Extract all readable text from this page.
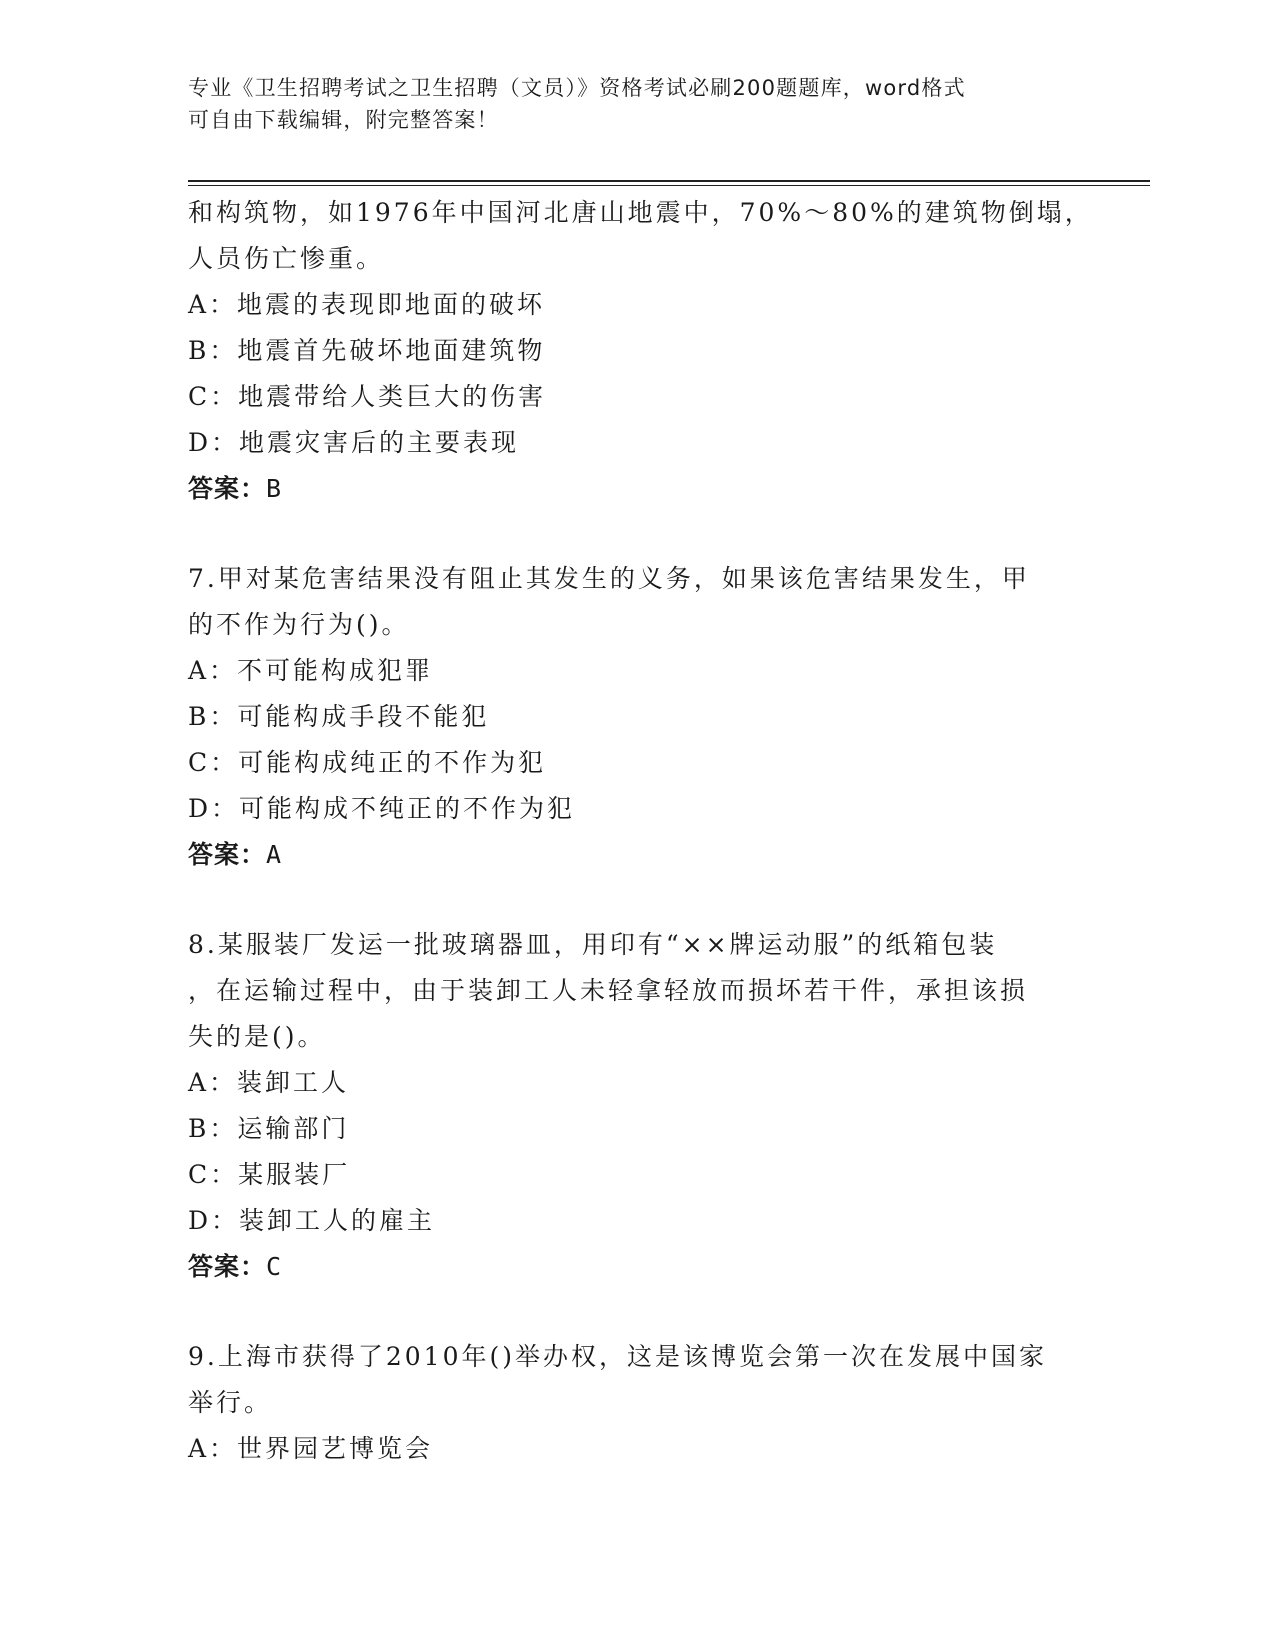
专业《卫生招聘考试之卫生招聘（文员）》资格考试必刷200题题库，word格式
可自由下载编辑，附完整答案！
和构筑物，如1976年中国河北唐山地震中，70%～80%的建筑物倒塌，
人员伤亡惨重。
A：地震的表现即地面的破坏
B：地震首先破坏地面建筑物
C：地震带给人类巨大的伤害
D：地震灾害后的主要表现
答案：B
7.甲对某危害结果没有阻止其发生的义务，如果该危害结果发生，甲
的不作为行为()。
A：不可能构成犯罪
B：可能构成手段不能犯
C：可能构成纯正的不作为犯
D：可能构成不纯正的不作为犯
答案：A
8.某服装厂发运一批玻璃器皿，用印有“××牌运动服”的纸箱包装
，在运输过程中，由于装卸工人未轻拿轻放而损坏若干件，承担该损
失的是()。
A：装卸工人
B：运输部门
C：某服装厂
D：装卸工人的雇主
答案：C
9.上海市获得了2010年()举办权，这是该博览会第一次在发展中国家
举行。
A：世界园艺博览会
